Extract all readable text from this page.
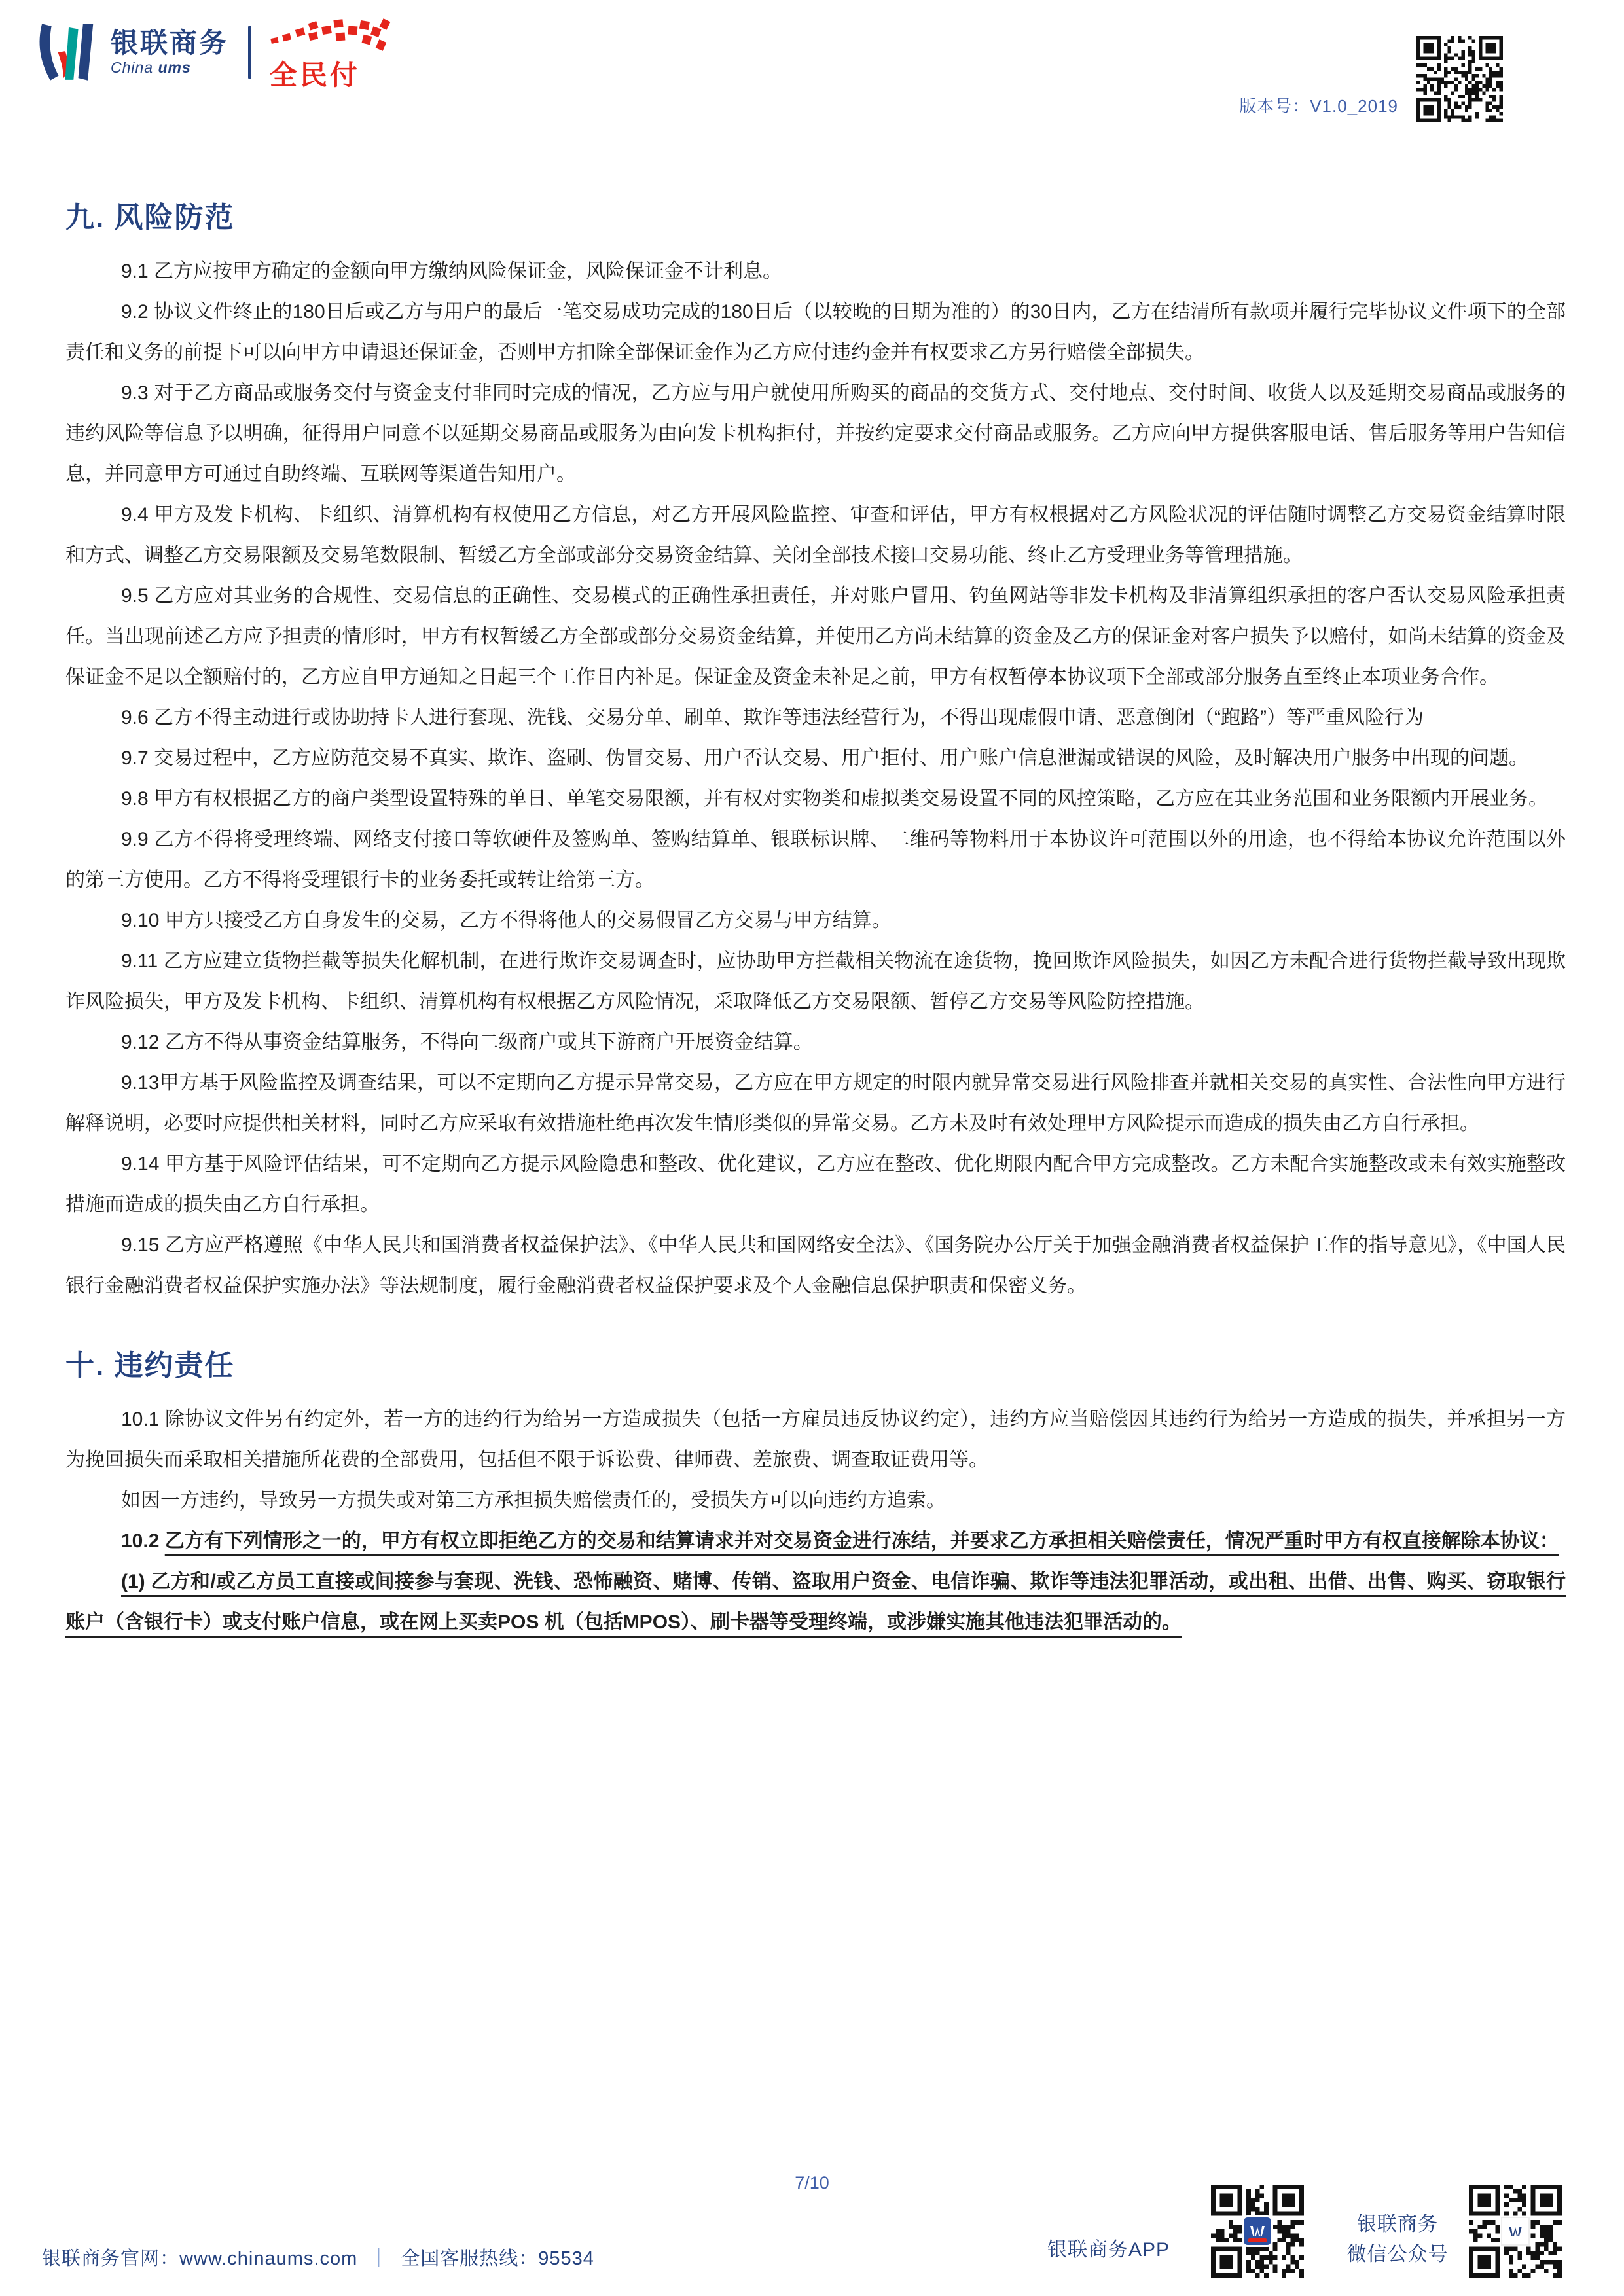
银联商务
China ums	全民付
版本号：V1.0_2019
九. 风险防范

9.1 乙方应按甲方确定的金额向甲方缴纳风险保证金，风险保证金不计利息。

9.2 协议文件终止的180日后或乙方与用户的最后一笔交易成功完成的180日后（以较晚的日期为准的）的30日内，乙方在结清所有款项并履行完毕协议文件项下的全部责任和义务的前提下可以向甲方申请退还保证金，否则甲方扣除全部保证金作为乙方应付违约金并有权要求乙方另行赔偿全部损失。

9.3 对于乙方商品或服务交付与资金支付非同时完成的情况，乙方应与用户就使用所购买的商品的交货方式、交付地点、交付时间、收货人以及延期交易商品或服务的违约风险等信息予以明确，征得用户同意不以延期交易商品或服务为由向发卡机构拒付，并按约定要求交付商品或服务。乙方应向甲方提供客服电话、售后服务等用户告知信息，并同意甲方可通过自助终端、互联网等渠道告知用户。

9.4 甲方及发卡机构、卡组织、清算机构有权使用乙方信息，对乙方开展风险监控、审查和评估，甲方有权根据对乙方风险状况的评估随时调整乙方交易资金结算时限和方式、调整乙方交易限额及交易笔数限制、暂缓乙方全部或部分交易资金结算、关闭全部技术接口交易功能、终止乙方受理业务等管理措施。

9.5 乙方应对其业务的合规性、交易信息的正确性、交易模式的正确性承担责任，并对账户冒用、钓鱼网站等非发卡机构及非清算组织承担的客户否认交易风险承担责任。当出现前述乙方应予担责的情形时，甲方有权暂缓乙方全部或部分交易资金结算，并使用乙方尚未结算的资金及乙方的保证金对客户损失予以赔付，如尚未结算的资金及保证金不足以全额赔付的，乙方应自甲方通知之日起三个工作日内补足。保证金及资金未补足之前，甲方有权暂停本协议项下全部或部分服务直至终止本项业务合作。

9.6 乙方不得主动进行或协助持卡人进行套现、洗钱、交易分单、刷单、欺诈等违法经营行为，不得出现虚假申请、恶意倒闭（“跑路”）等严重风险行为

9.7 交易过程中，乙方应防范交易不真实、欺诈、盗刷、伪冒交易、用户否认交易、用户拒付、用户账户信息泄漏或错误的风险，及时解决用户服务中出现的问题。

9.8 甲方有权根据乙方的商户类型设置特殊的单日、单笔交易限额，并有权对实物类和虚拟类交易设置不同的风控策略，乙方应在其业务范围和业务限额内开展业务。

9.9 乙方不得将受理终端、网络支付接口等软硬件及签购单、签购结算单、银联标识牌、二维码等物料用于本协议许可范围以外的用途，也不得给本协议允许范围以外的第三方使用。乙方不得将受理银行卡的业务委托或转让给第三方。

9.10 甲方只接受乙方自身发生的交易，乙方不得将他人的交易假冒乙方交易与甲方结算。

9.11 乙方应建立货物拦截等损失化解机制，在进行欺诈交易调查时，应协助甲方拦截相关物流在途货物，挽回欺诈风险损失，如因乙方未配合进行货物拦截导致出现欺诈风险损失，甲方及发卡机构、卡组织、清算机构有权根据乙方风险情况，采取降低乙方交易限额、暂停乙方交易等风险防控措施。

9.12 乙方不得从事资金结算服务，不得向二级商户或其下游商户开展资金结算。

9.13甲方基于风险监控及调查结果，可以不定期向乙方提示异常交易，乙方应在甲方规定的时限内就异常交易进行风险排查并就相关交易的真实性、合法性向甲方进行解释说明，必要时应提供相关材料，同时乙方应采取有效措施杜绝再次发生情形类似的异常交易。乙方未及时有效处理甲方风险提示而造成的损失由乙方自行承担。

9.14 甲方基于风险评估结果，可不定期向乙方提示风险隐患和整改、优化建议，乙方应在整改、优化期限内配合甲方完成整改。乙方未配合实施整改或未有效实施整改措施而造成的损失由乙方自行承担。

9.15 乙方应严格遵照《中华人民共和国消费者权益保护法》、《中华人民共和国网络安全法》、《国务院办公厅关于加强金融消费者权益保护工作的指导意见》，《中国人民银行金融消费者权益保护实施办法》等法规制度，履行金融消费者权益保护要求及个人金融信息保护职责和保密义务。

十. 违约责任

10.1 除协议文件另有约定外，若一方的违约行为给另一方造成损失（包括一方雇员违反协议约定），违约方应当赔偿因其违约行为给另一方造成的损失，并承担另一方为挽回损失而采取相关措施所花费的全部费用，包括但不限于诉讼费、律师费、差旅费、调查取证费用等。

如因一方违约，导致另一方损失或对第三方承担损失赔偿责任的，受损失方可以向违约方追索。

10.2 乙方有下列情形之一的，甲方有权立即拒绝乙方的交易和结算请求并对交易资金进行冻结，并要求乙方承担相关赔偿责任，情况严重时甲方有权直接解除本协议：

(1) 乙方和/或乙方员工直接或间接参与套现、洗钱、恐怖融资、赌博、传销、盗取用户资金、电信诈骗、欺诈等违法犯罪活动，或出租、出借、出售、购买、窃取银行账户（含银行卡）或支付账户信息，或在网上买卖POS 机（包括MPOS）、刷卡器等受理终端，或涉嫌实施其他违法犯罪活动的。

7/10
银联商务官网：www.chinaums.com ｜ 全国客服热线：95534	银联商务APP
银联商务
微信公众号
